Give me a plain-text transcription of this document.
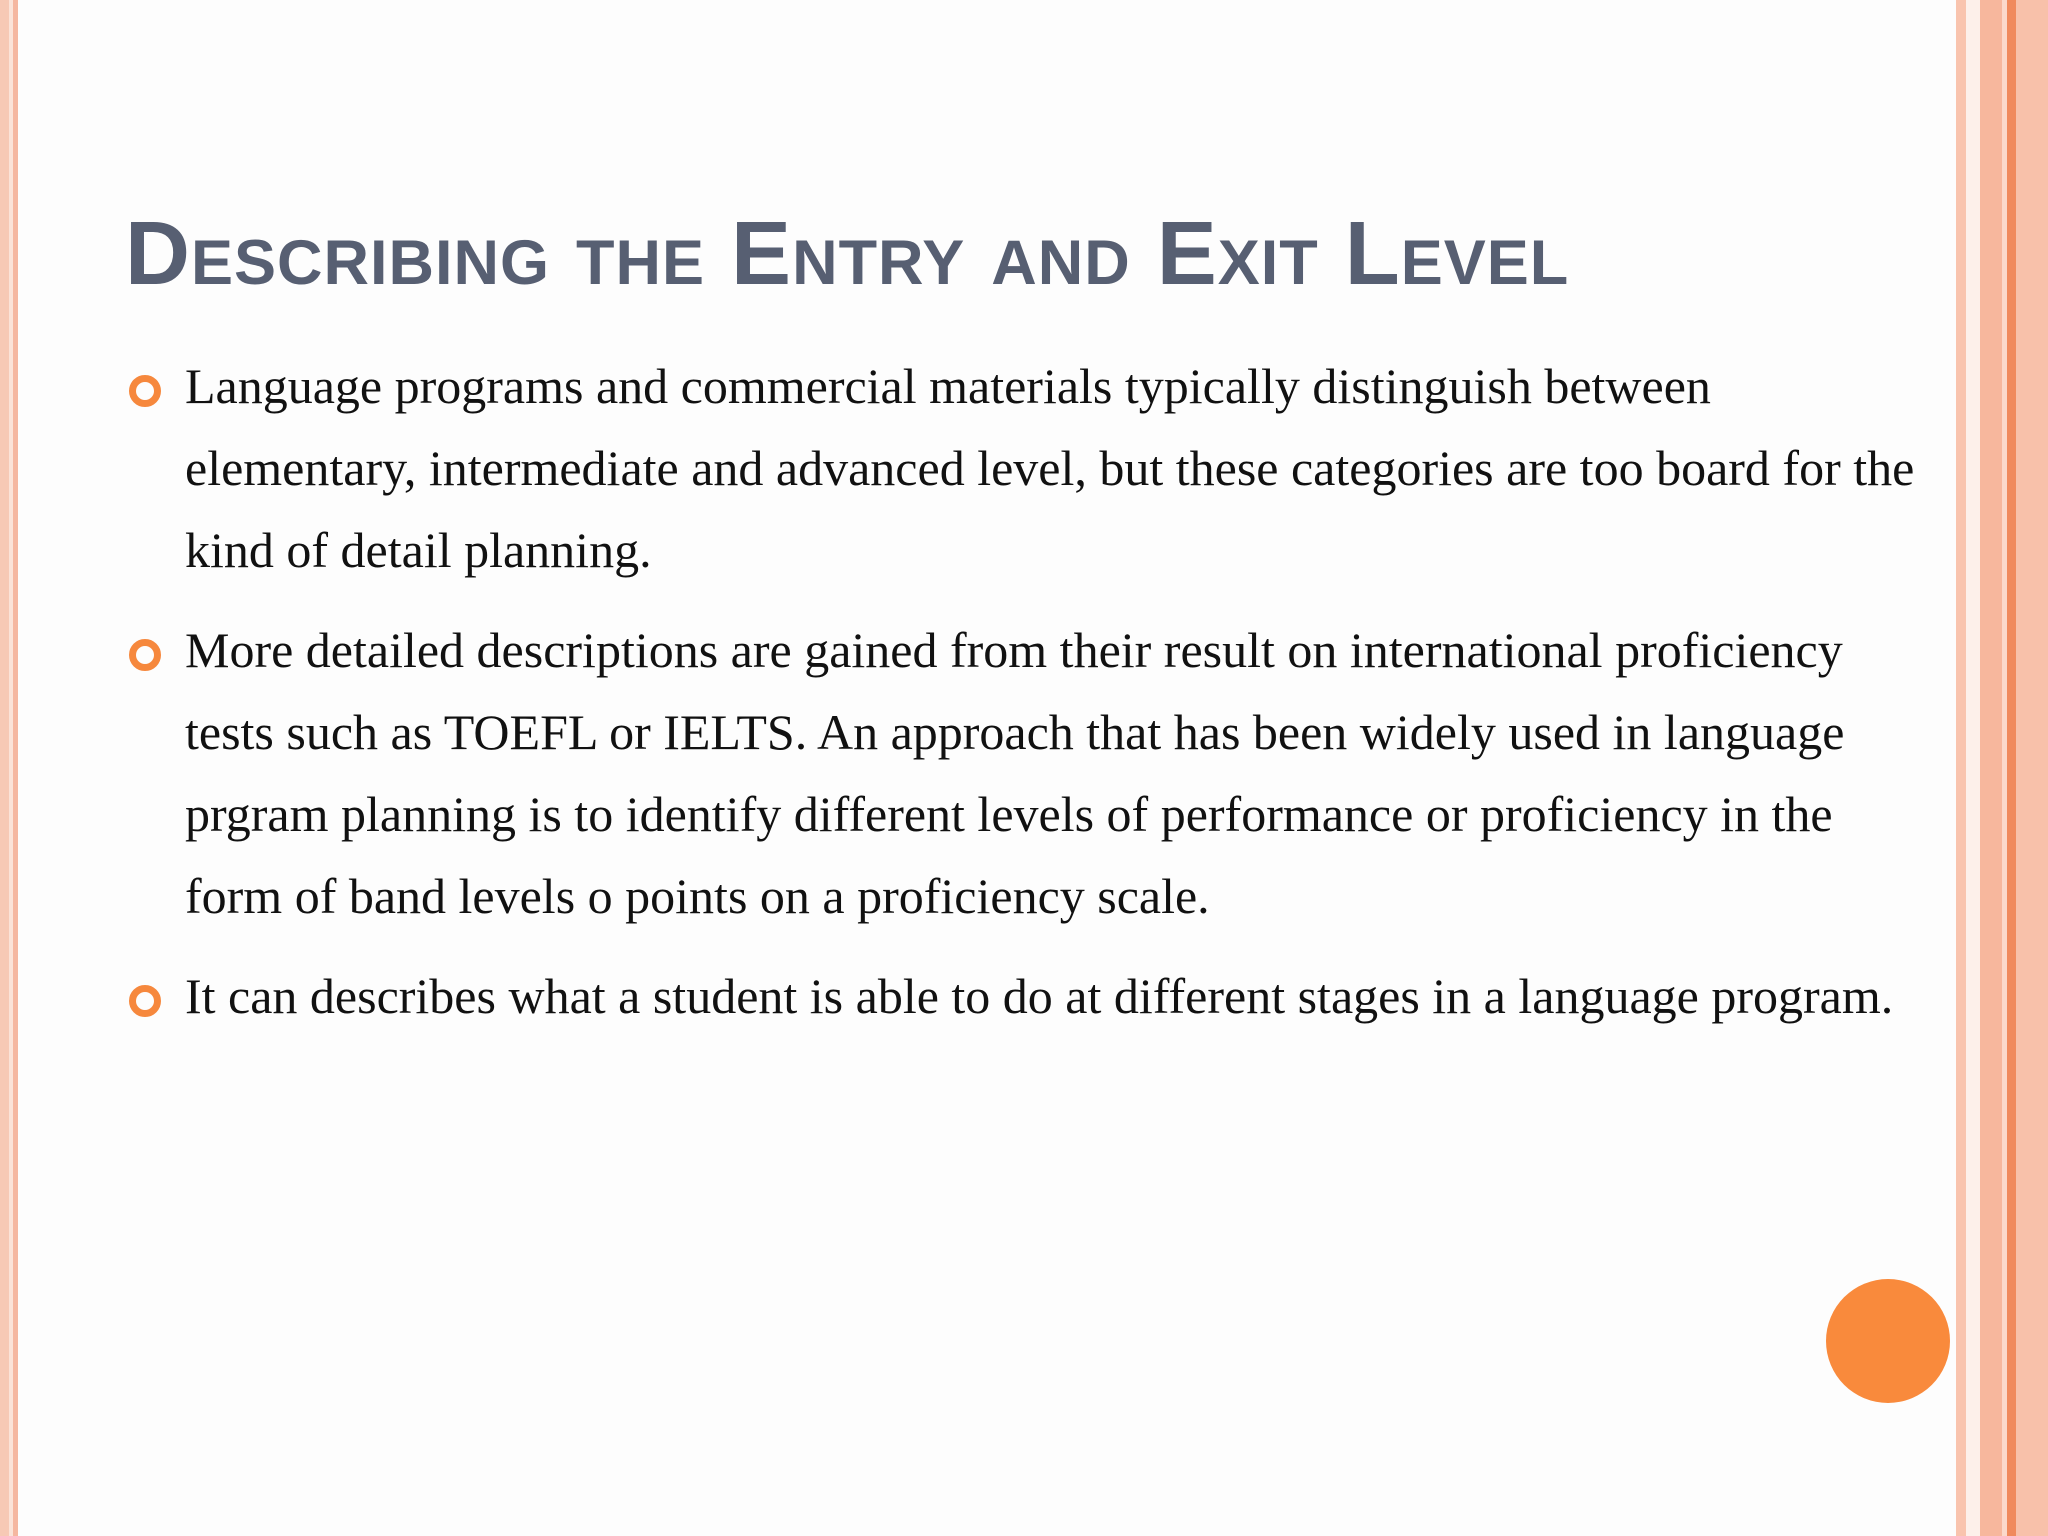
Describing the Entry and Exit Level
Language programs and commercial materials typically distinguish between elementary, intermediate and advanced level, but these categories are too board for the kind of detail planning.
More detailed descriptions are gained from their result on international proficiency tests such as TOEFL or IELTS. An approach that has been widely used in language prgram planning is to identify different levels of performance or proficiency in the form of band levels o points on a proficiency scale.
It can describes what a student is able to do at different stages in a language program.
